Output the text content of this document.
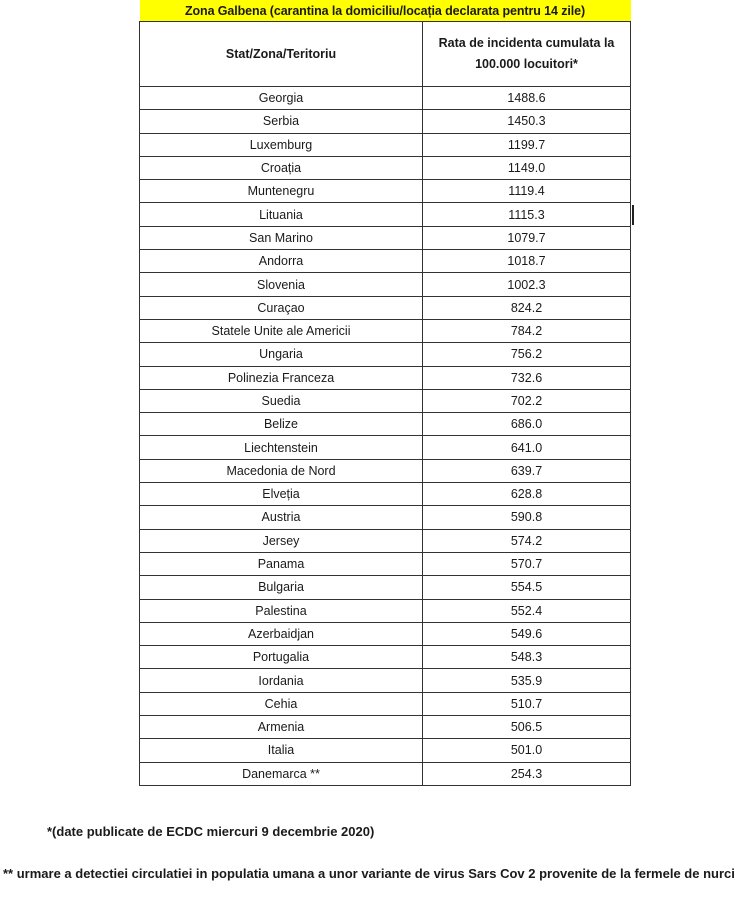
Zona Galbena (carantina la domiciliu/locația declarata pentru 14 zile)	
Stat/Zona/Teritoriu	Rata de incidenta cumulata la
100.000 locuitori*
Georgia	1488.6
Serbia	1450.3
Luxemburg	1199.7
Croația	1149.0
Muntenegru	1119.4
Lituania	1115.3
San Marino	1079.7
Andorra	1018.7
Slovenia	1002.3
Curaçao	824.2
Statele Unite ale Americii	784.2
Ungaria	756.2
Polinezia Franceza	732.6
Suedia	702.2
Belize	686.0
Liechtenstein	641.0
Macedonia de Nord	639.7
Elveția	628.8
Austria	590.8
Jersey	574.2
Panama	570.7
Bulgaria	554.5
Palestina	552.4
Azerbaidjan	549.6
Portugalia	548.3
Iordania	535.9
Cehia	510.7
Armenia	506.5
Italia	501.0
Danemarca **	254.3
*(date publicate de ECDC miercuri 9 decembrie 2020)
** urmare a detectiei circulatiei in populatia umana a unor variante de virus Sars Cov 2 provenite de la fermele de nurci
